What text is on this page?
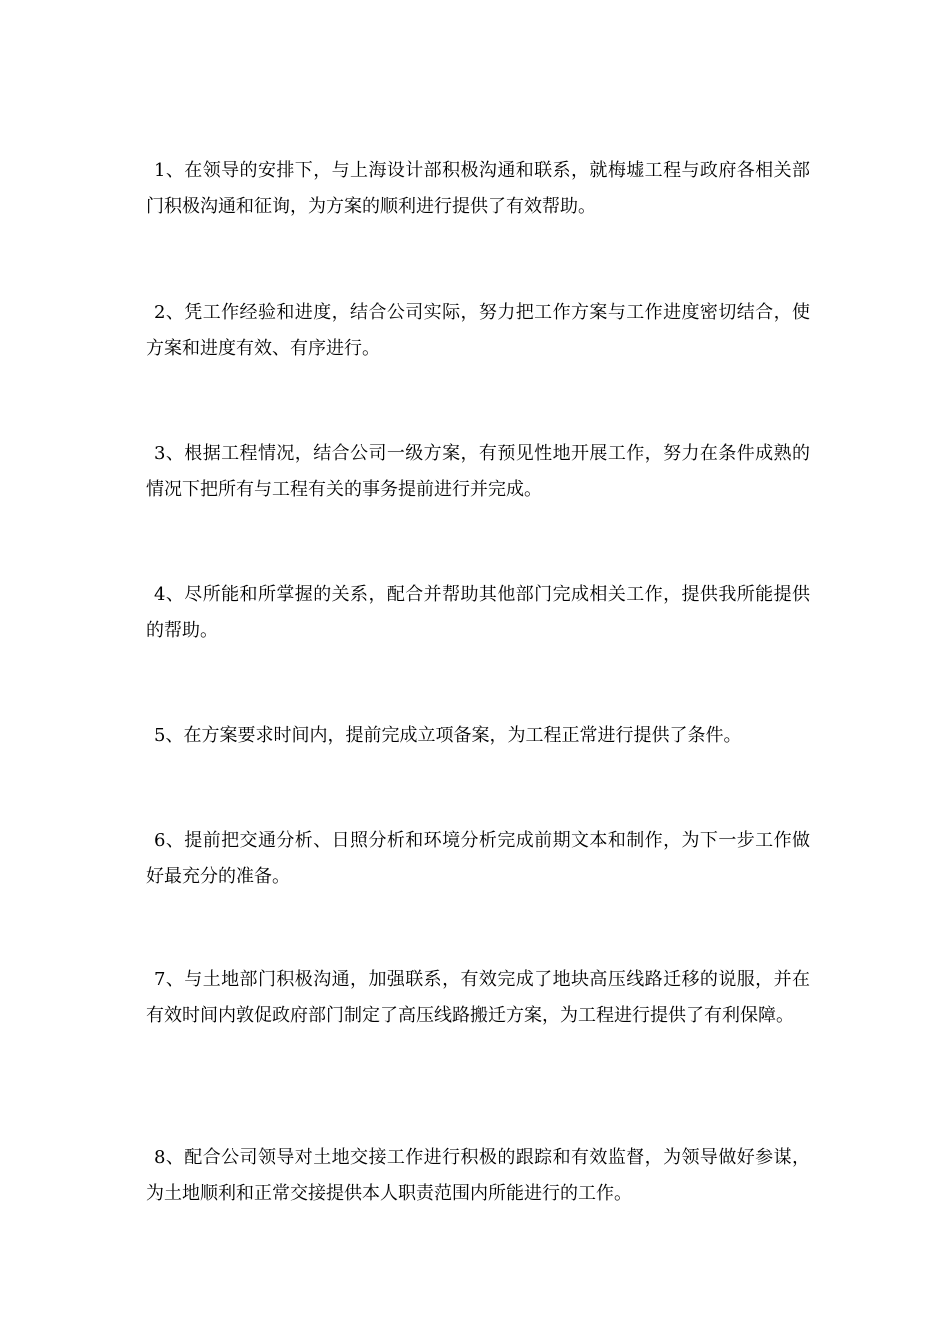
1、在领导的安排下，与上海设计部积极沟通和联系，就梅墟工程与政府各相关部门积极沟通和征询，为方案的顺利进行提供了有效帮助。

2、凭工作经验和进度，结合公司实际，努力把工作方案与工作进度密切结合，使方案和进度有效、有序进行。

3、根据工程情况，结合公司一级方案，有预见性地开展工作，努力在条件成熟的情况下把所有与工程有关的事务提前进行并完成。

4、尽所能和所掌握的关系，配合并帮助其他部门完成相关工作，提供我所能提供的帮助。

5、在方案要求时间内，提前完成立项备案，为工程正常进行提供了条件。

6、提前把交通分析、日照分析和环境分析完成前期文本和制作，为下一步工作做好最充分的准备。

7、与土地部门积极沟通，加强联系，有效完成了地块高压线路迁移的说服，并在有效时间内敦促政府部门制定了高压线路搬迁方案，为工程进行提供了有利保障。

8、配合公司领导对土地交接工作进行积极的跟踪和有效监督，为领导做好参谋，为土地顺利和正常交接提供本人职责范围内所能进行的工作。
